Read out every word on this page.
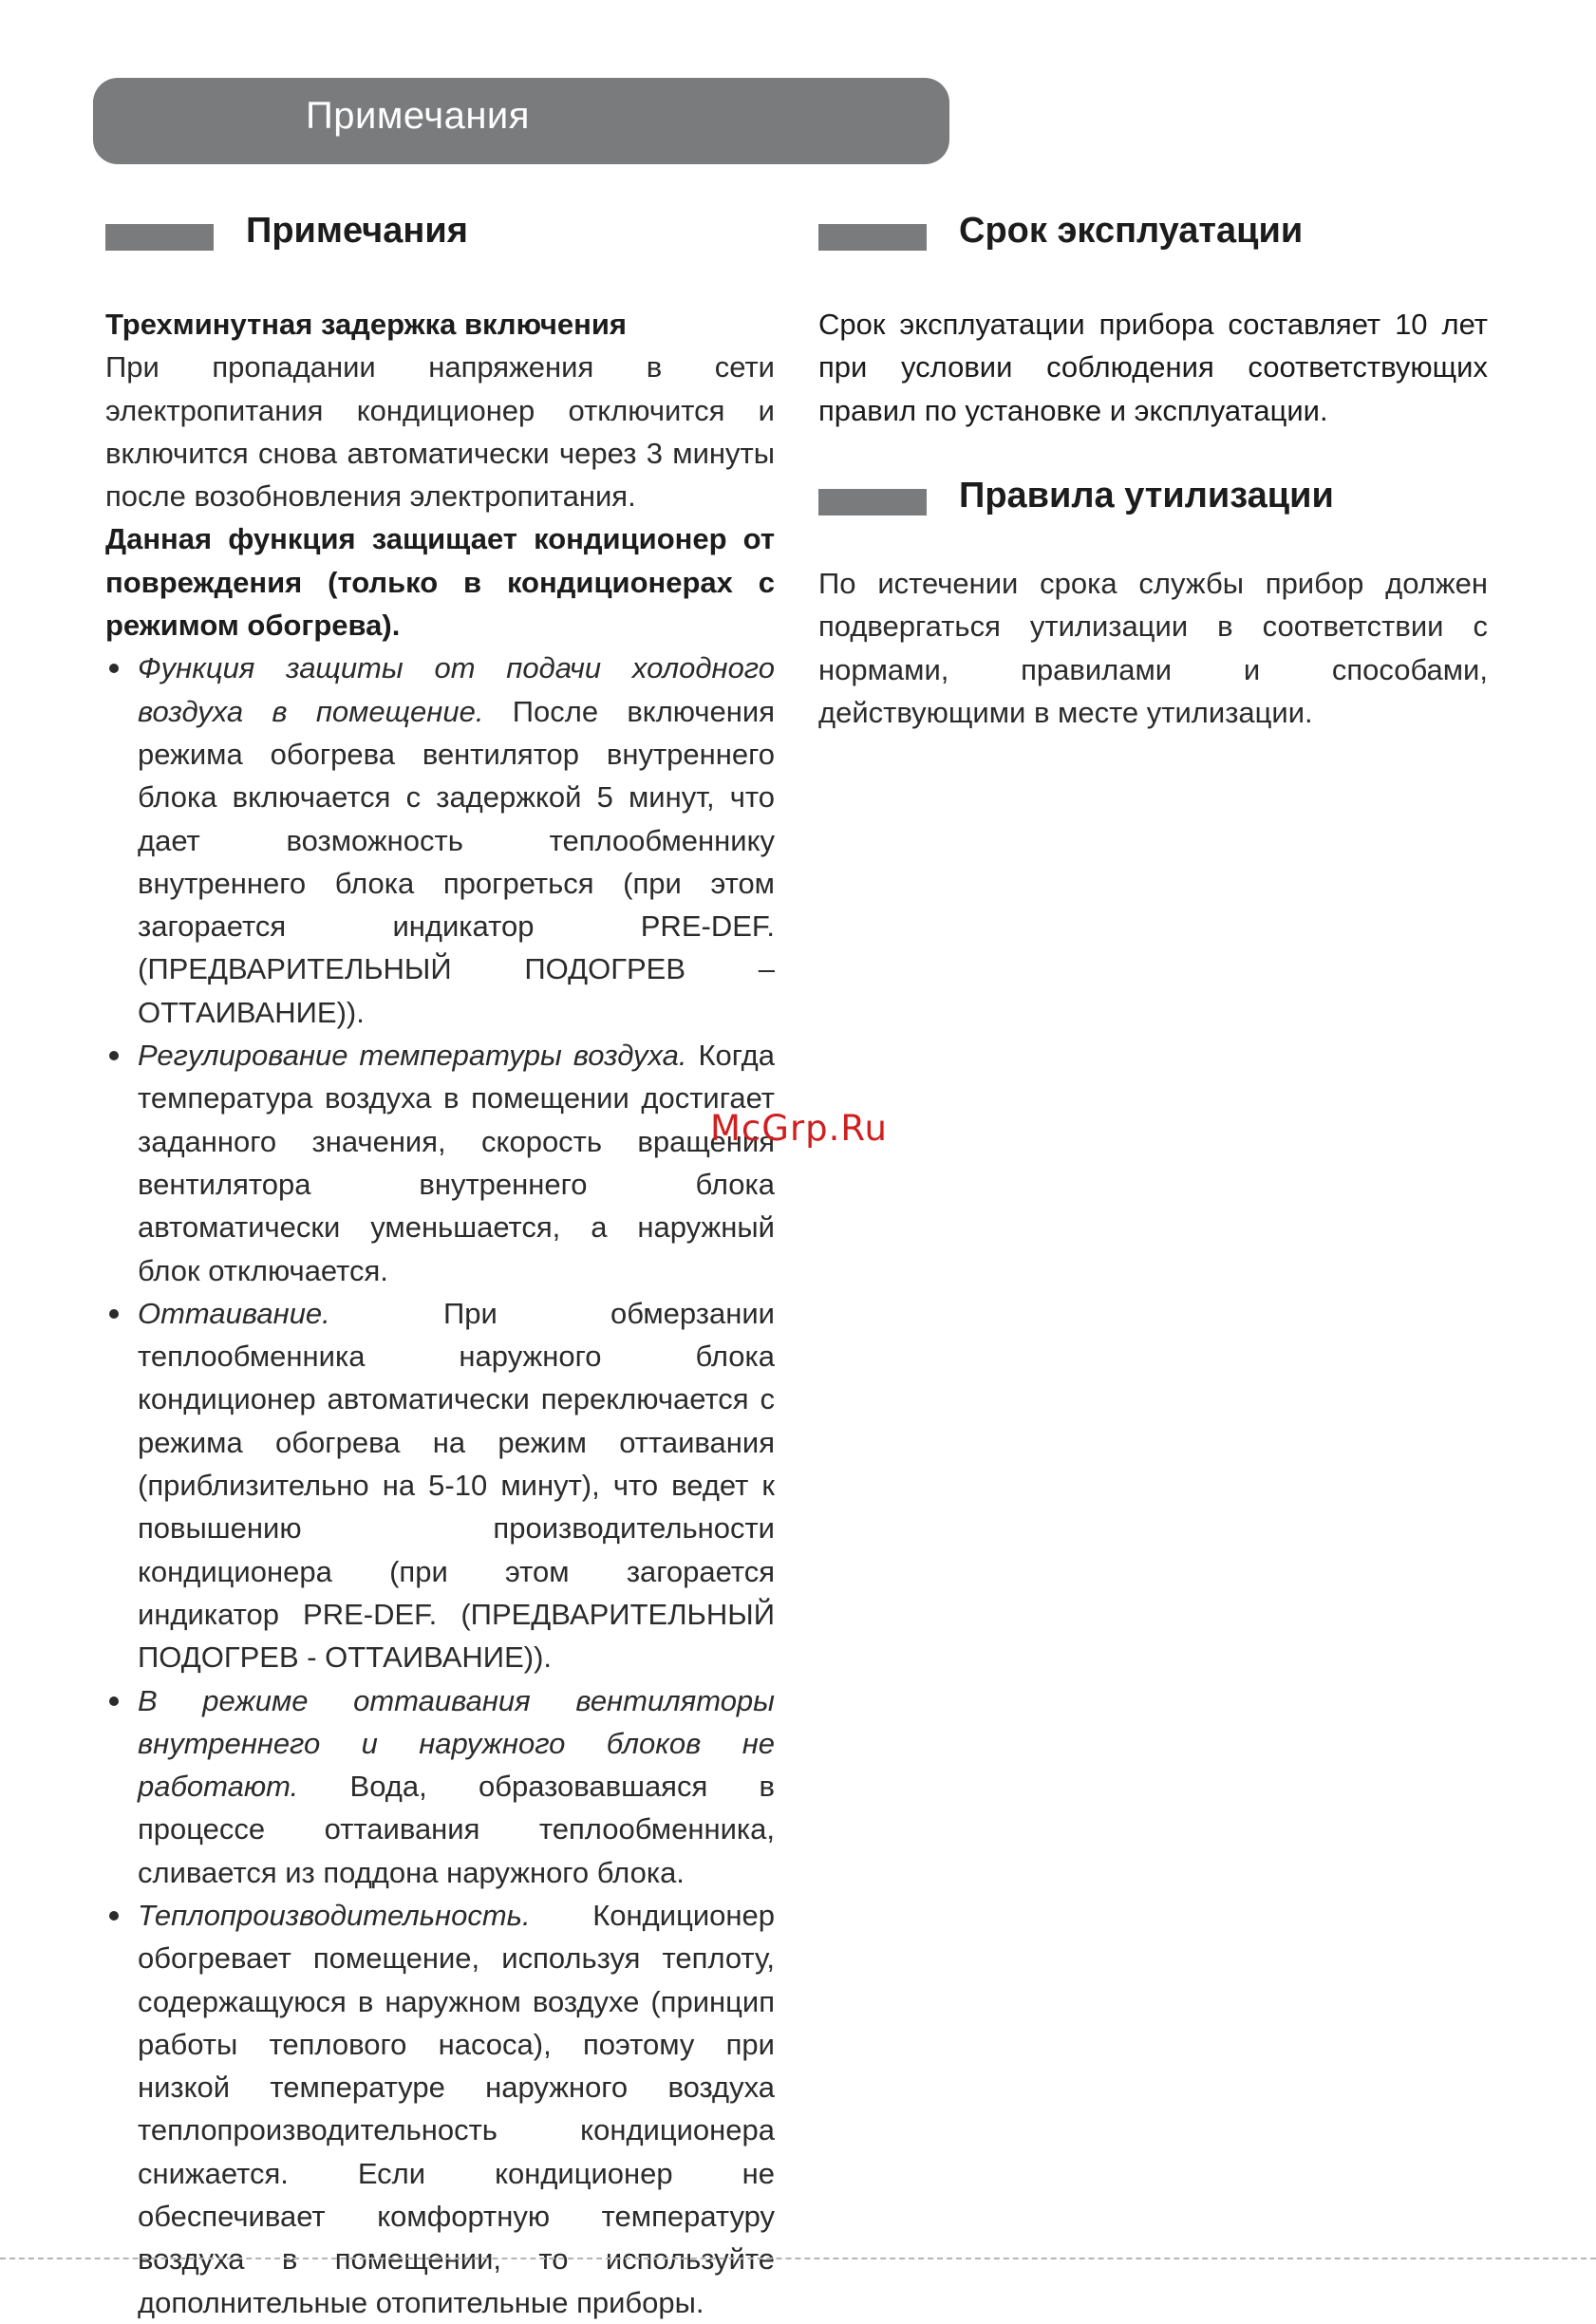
Примечания
Примечания

Трехминутная задержка включения

При пропадании напряжения в сети электропитания кондиционер отключится и включится снова автоматически через 3 минуты после возобновления электропитания.

Данная функция защищает кондиционер от повреждения (только в кондиционерах с режимом обогрева).

Функция защиты от подачи холодного воздуха в помещение. После включения режима обогрева вентилятор внутреннего блока включается с задержкой 5 минут, что дает возможность теплообменнику внутреннего блока прогреться (при этом загорается индикатор PRE-DEF. (ПРЕДВАРИТЕЛЬНЫЙ ПОДОГРЕВ – ОТТАИВАНИЕ)).
Регулирование температуры воздуха. Когда температура воздуха в помещении достигает заданного значения, скорость вращения вентилятора внутреннего блока автоматически уменьшается, а наружный блок отключается.
Оттаивание. При обмерзании теплообменника наружного блока кондиционер автоматически переключается с режима обогрева на режим оттаивания (приблизительно на 5-10 минут), что ведет к повышению производительности кондиционера (при этом загорается индикатор PRE-DEF. (ПРЕДВАРИТЕЛЬНЫЙ ПОДОГРЕВ - ОТТАИВАНИЕ)).
В режиме оттаивания вентиляторы внутреннего и наружного блоков не работают. Вода, образовавшаяся в процессе оттаивания теплообменника, сливается из поддона наружного блока.
Теплопроизводительность. Кондиционер обогревает помещение, используя теплоту, содержащуюся в наружном воздухе (принцип работы теплового насоса), поэтому при низкой температуре наружного воздуха теплопроизводительность кондиционера снижается. Если кондиционер не обеспечивает комфортную температуру воздуха в помещении, то используйте дополнительные отопительные приборы.
Срок эксплуатации

Срок эксплуатации прибора составляет 10 лет при условии соблюдения соответствующих правил по установке и эксплуатации.

Правила утилизации

По истечении срока службы прибор должен подвергаться утилизации в соответствии с нормами, правилами и способами, действующими в месте утилизации.

McGrp.Ru
